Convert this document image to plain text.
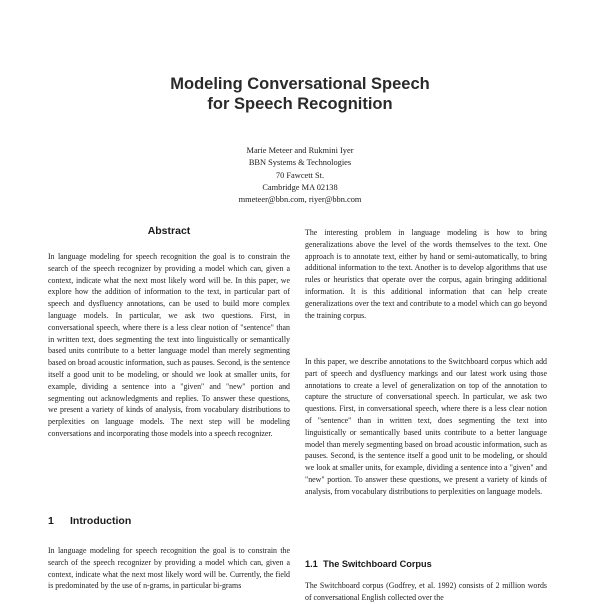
Modeling Conversational Speech
for Speech Recognition
Marie Meteer and Rukmini Iyer
BBN Systems & Technologies
70 Fawcett St.
Cambridge MA 02138
mmeteer@bbn.com, riyer@bbn.com
Abstract

In language modeling for speech recognition the goal is to constrain the search of the speech recognizer by providing a model which can, given a context, indicate what the next most likely word will be. In this paper, we explore how the addition of information to the text, in particular part of speech and dysfluency annotations, can be used to build more complex language models. In particular, we ask two questions. First, in conversational speech, where there is a less clear notion of "sentence" than in written text, does segmenting the text into linguistically or semantically based units contribute to a better language model than merely segmenting based on broad acoustic information, such as pauses. Second, is the sentence itself a good unit to be modeling, or should we look at smaller units, for example, dividing a sentence into a "given" and "new" portion and segmenting out acknowledgments and replies. To answer these questions, we present a variety of kinds of analysis, from vocabulary distributions to perplexities on language models. The next step will be modeling conversations and incorporating those models into a speech recognizer.

1 Introduction

In language modeling for speech recognition the goal is to constrain the search of the speech recognizer by providing a model which can, given a context, indicate what the next most likely word will be. Currently, the field is predominated by the use of n-grams, in particular bi-grams

The interesting problem in language modeling is how to bring generalizations above the level of the words themselves to the text. One approach is to annotate text, either by hand or semi-automatically, to bring additional information to the text. Another is to develop algorithms that use rules or heuristics that operate over the corpus, again bringing additional information. It is this additional information that can help create generalizations over the text and contribute to a model which can go beyond the training corpus.

In this paper, we describe annotations to the Switchboard corpus which add part of speech and dysfluency markings and our latest work using those annotations to create a level of generalization on top of the annotation to capture the structure of conversational speech. In particular, we ask two questions. First, in conversational speech, where there is a less clear notion of "sentence" than in written text, does segmenting the text into linguistically or semantically based units contribute to a better language model than merely segmenting based on broad acoustic information, such as pauses. Second, is the sentence itself a good unit to be modeling, or should we look at smaller units, for example, dividing a sentence into a "given" and "new" portion. To answer these questions, we present a variety of kinds of analysis, from vocabulary distributions to perplexities on language models.

1.1 The Switchboard Corpus

The Switchboard corpus (Godfrey, et al. 1992) consists of 2 million words of conversational English collected over the
